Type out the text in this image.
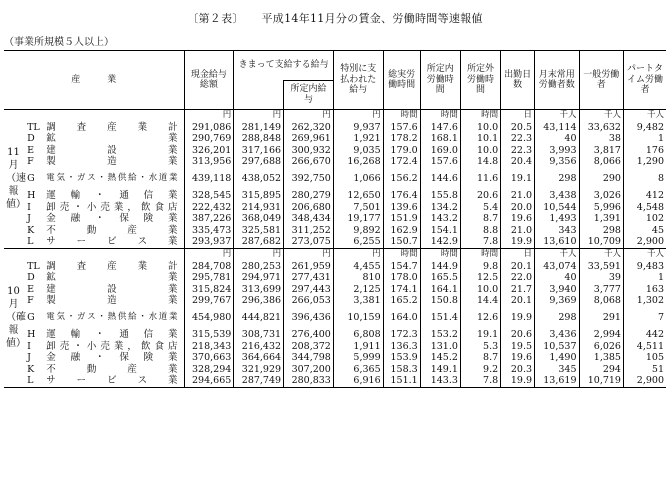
〔第２表〕 平成14年11月分の賃金、労働時間等速報値
（事業所規模５人以上）
産　　　業			現金給与総額	きまって支給する給与		特別に支払われた給与	総実労働時間	所定内労働時間	所定外労働時間	出勤日数	月末常用労働者数	一般労働者	パートタイム労働者
					所定内給与								

11
月
（速
報
値）			円	円	円	円	時間	時間	時間	日	千人	千人	千人
	TL	調査産業計	291,086	281,149	262,320	9,937	157.6	147.6	10.0	20.5	43,114	33,632	9,482
	D	鉱業	290,769	288,848	269,961	1,921	178.2	168.1	10.1	22.3	40	38	1
	E	建設業	326,201	317,166	300,932	9,035	179.0	169.0	10.0	22.3	3,993	3,817	176
	F	製造業	313,956	297,688	266,670	16,268	172.4	157.6	14.8	20.4	9,356	8,066	1,290
	G	電気・ガス・熱供給・水道業	439,118	438,052	392,750	1,066	156.2	144.6	11.6	19.1	298	290	8
	H	運輸・通信業	328,545	315,895	280,279	12,650	176.4	155.8	20.6	21.0	3,438	3,026	412
	I	卸売・小売業，飲食店	222,432	214,931	206,680	7,501	139.6	134.2	5.4	20.0	10,544	5,996	4,548
	J	金融・保険業	387,226	368,049	348,434	19,177	151.9	143.2	8.7	19.6	1,493	1,391	102
	K	不動産業	335,473	325,581	311,252	9,892	162.9	154.1	8.8	21.0	343	298	45
	L	サービス業	293,937	287,682	273,075	6,255	150.7	142.9	7.8	19.9	13,610	10,709	2,900

10
月
（確
報
値）			円	円	円	円	時間	時間	時間	日	千人	千人	千人
	TL	調査産業計	284,708	280,253	261,959	4,455	154.7	144.9	9.8	20.1	43,074	33,591	9,483
	D	鉱業	295,781	294,971	277,431	810	178.0	165.5	12.5	22.0	40	39	1
	E	建設業	315,824	313,699	297,443	2,125	174.1	164.1	10.0	21.7	3,940	3,777	163
	F	製造業	299,767	296,386	266,053	3,381	165.2	150.8	14.4	20.1	9,369	8,068	1,302
	G	電気・ガス・熱供給・水道業	454,980	444,821	396,436	10,159	164.0	151.4	12.6	19.9	298	291	7
	H	運輸・通信業	315,539	308,731	276,400	6,808	172.3	153.2	19.1	20.6	3,436	2,994	442
	I	卸売・小売業，飲食店	218,343	216,432	208,372	1,911	136.3	131.0	5.3	19.5	10,537	6,026	4,511
	J	金融・保険業	370,663	364,664	344,798	5,999	153.9	145.2	8.7	19.6	1,490	1,385	105
	K	不動産業	328,294	321,929	307,200	6,365	158.3	149.1	9.2	20.3	345	294	51
	L	サービス業	294,665	287,749	280,833	6,916	151.1	143.3	7.8	19.9	13,619	10,719	2,900
